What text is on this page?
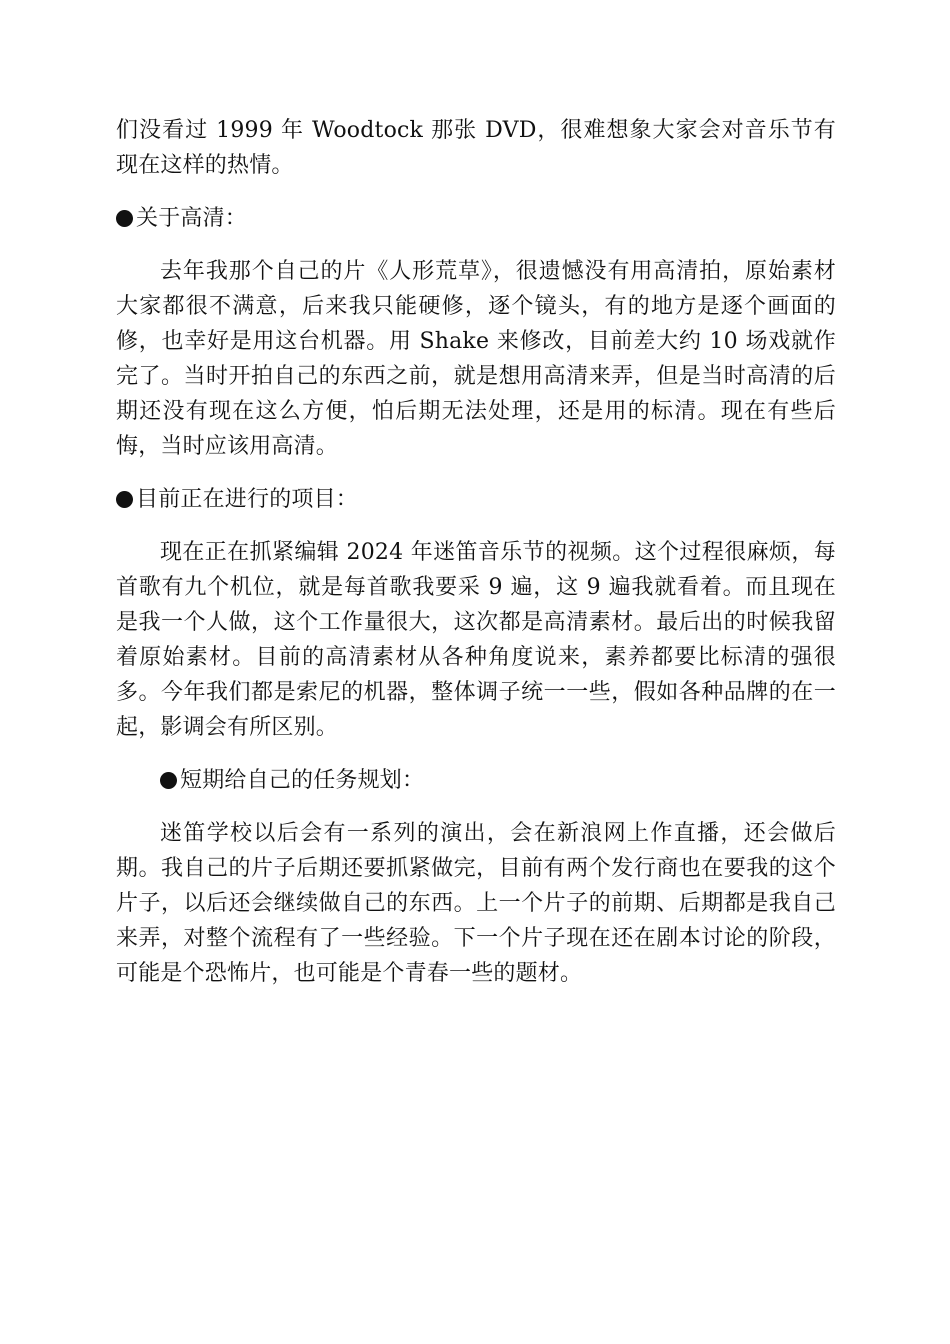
们没看过 1999 年 Woodtock 那张 DVD，很难想象大家会对音乐节有现在这样的热情。

关于高清：

去年我那个自己的片《人形荒草》，很遗憾没有用高清拍，原始素材大家都很不满意，后来我只能硬修，逐个镜头，有的地方是逐个画面的修，也幸好是用这台机器。用 Shake 来修改，目前差大约 10 场戏就作完了。当时开拍自己的东西之前，就是想用高清来弄，但是当时高清的后期还没有现在这么方便，怕后期无法处理，还是用的标清。现在有些后悔，当时应该用高清。

目前正在进行的项目：

现在正在抓紧编辑 2024 年迷笛音乐节的视频。这个过程很麻烦，每首歌有九个机位，就是每首歌我要采 9 遍，这 9 遍我就看着。而且现在是我一个人做，这个工作量很大，这次都是高清素材。最后出的时候我留着原始素材。目前的高清素材从各种角度说来，素养都要比标清的强很多。今年我们都是索尼的机器，整体调子统一一些，假如各种品牌的在一起，影调会有所区别。

短期给自己的任务规划：

迷笛学校以后会有一系列的演出，会在新浪网上作直播，还会做后期。我自己的片子后期还要抓紧做完，目前有两个发行商也在要我的这个片子，以后还会继续做自己的东西。上一个片子的前期、后期都是我自己来弄，对整个流程有了一些经验。下一个片子现在还在剧本讨论的阶段，可能是个恐怖片，也可能是个青春一些的题材。
